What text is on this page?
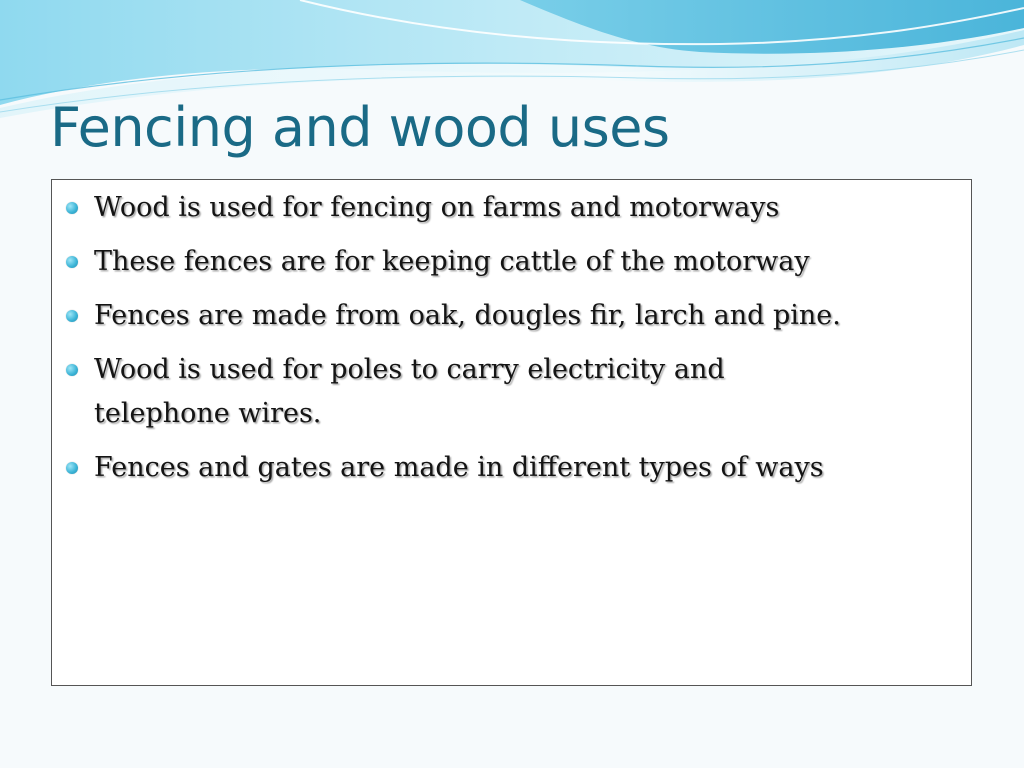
Fencing and wood uses
Wood is used for fencing on farms and motorways
These fences are for keeping cattle of the motorway
Fences are made from oak, dougles fir, larch and pine.
Wood is used for poles to carry electricity and telephone wires.
Fences and gates are made in different types of ways
